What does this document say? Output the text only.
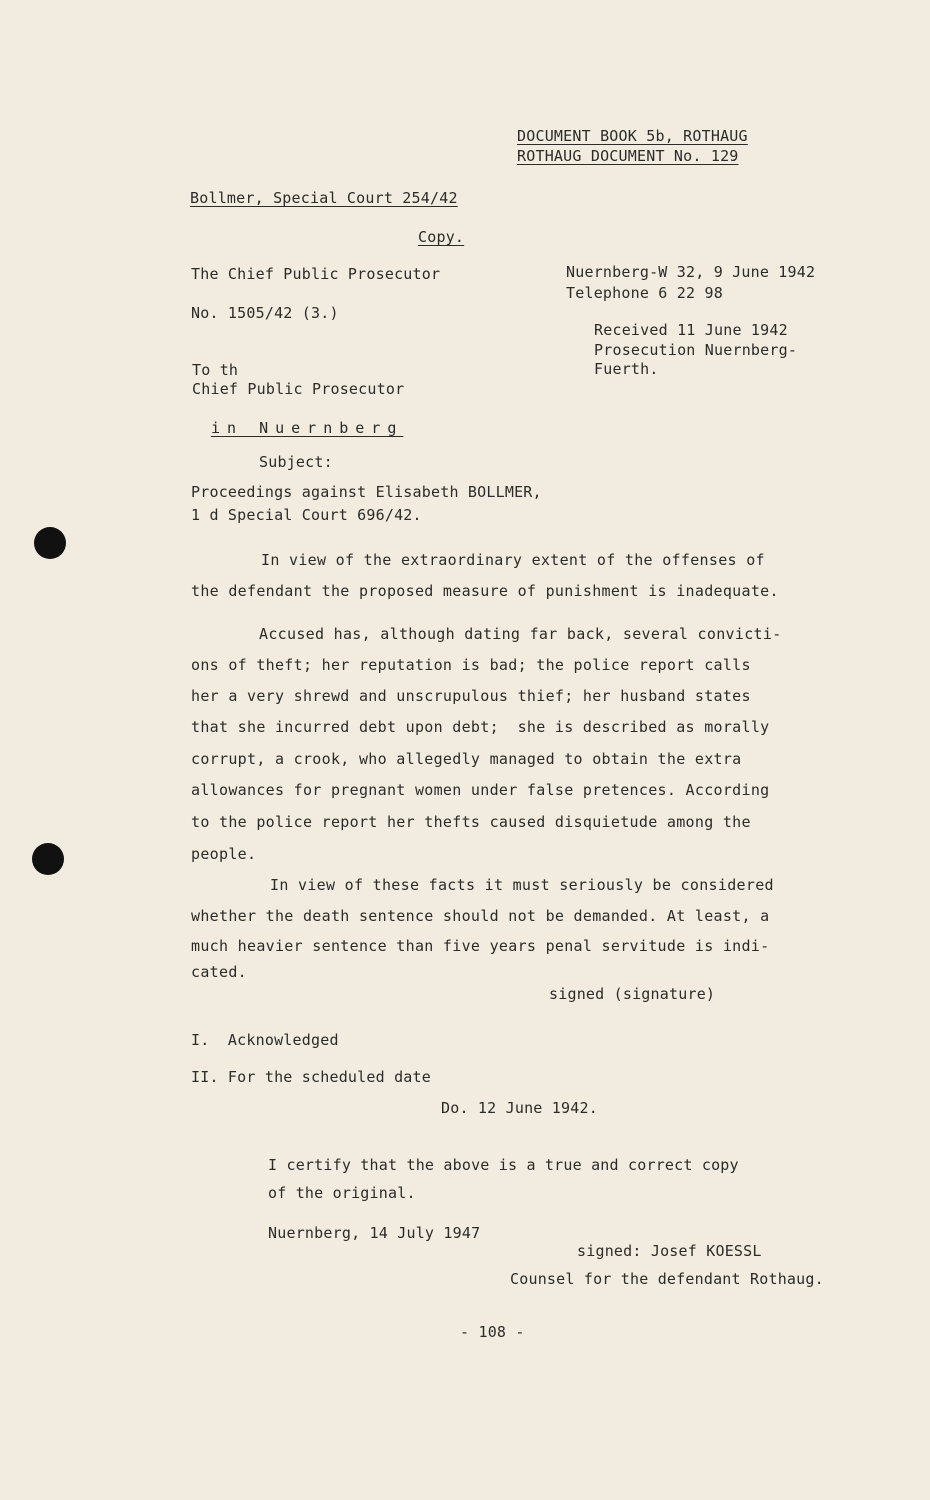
DOCUMENT BOOK 5b, ROTHAUG
ROTHAUG DOCUMENT No. 129
Bollmer, Special Court 254/42
Copy.
The Chief Public Prosecutor
No. 1505/42 (3.)
Nuernberg-W 32, 9 June 1942
Telephone 6 22 98
Received 11 June 1942
Prosecution Nuernberg-
Fuerth.
To th
Chief Public Prosecutor
in Nuernberg
Subject:
Proceedings against Elisabeth BOLLMER,
1 d Special Court 696/42.
In view of the extraordinary extent of the offenses of
the defendant the proposed measure of punishment is inadequate.
Accused has, although dating far back, several convicti-
ons of theft; her reputation is bad; the police report calls
her a very shrewd and unscrupulous thief; her husband states
that she incurred debt upon debt;  she is described as morally
corrupt, a crook, who allegedly managed to obtain the extra
allowances for pregnant women under false pretences. According
to the police report her thefts caused disquietude among the
people.
In view of these facts it must seriously be considered
whether the death sentence should not be demanded. At least, a
much heavier sentence than five years penal servitude is indi-
cated.
signed (signature)
I.  Acknowledged
II. For the scheduled date
Do. 12 June 1942.
I certify that the above is a true and correct copy
of the original.
Nuernberg, 14 July 1947
signed: Josef KOESSL
Counsel for the defendant Rothaug.
- 108 -
